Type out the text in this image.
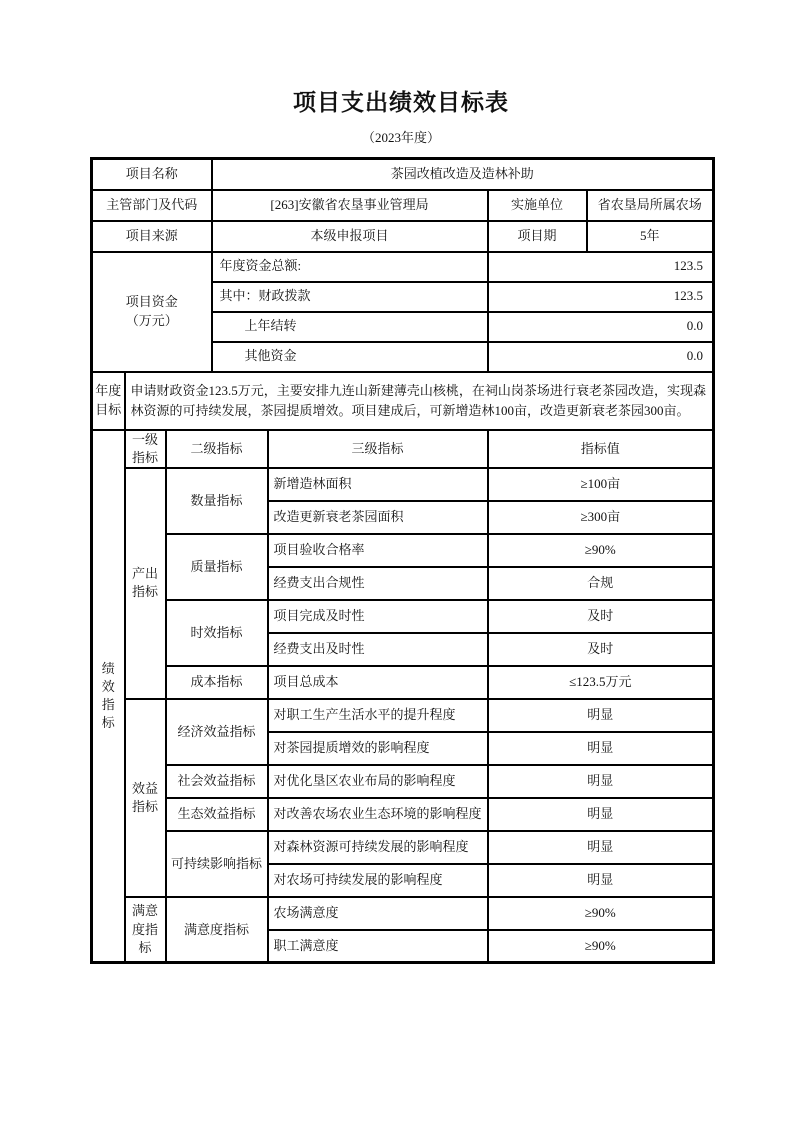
项目支出绩效目标表
（2023年度）
项目名称			茶园改植改造及造林补助			
主管部门及代码			[263]安徽省农垦事业管理局		实施单位	省农垦局所属农场
项目来源			本级申报项目		项目期	5年
项目资金（万元）			年度资金总额:		123.5	
			其中：财政拨款		123.5	
			上年结转		0.0	
			其他资金		0.0	
年度目标	申请财政资金123.5万元，主要安排九连山新建薄壳山核桃，在祠山岗茶场进行衰老茶园改造，实现森林资源的可持续发展，茶园提质增效。项目建成后，可新增造林100亩，改造更新衰老茶园300亩。					
绩效指标	一级指标	二级指标		三级指标	指标值	
	产出指标	数量指标		新增造林面积	≥100亩	
				改造更新衰老茶园面积	≥300亩	
		质量指标		项目验收合格率	≥90%	
				经费支出合规性	合规	
		时效指标		项目完成及时性	及时	
				经费支出及时性	及时	
		成本指标		项目总成本	≤123.5万元	
	效益指标	经济效益指标		对职工生产生活水平的提升程度	明显	
				对茶园提质增效的影响程度	明显	
		社会效益指标		对优化垦区农业布局的影响程度	明显	
		生态效益指标		对改善农场农业生态环境的影响程度	明显	
		可持续影响指标		对森林资源可持续发展的影响程度	明显	
				对农场可持续发展的影响程度	明显	
	满意度指标	满意度指标		农场满意度	≥90%	
				职工满意度	≥90%	
